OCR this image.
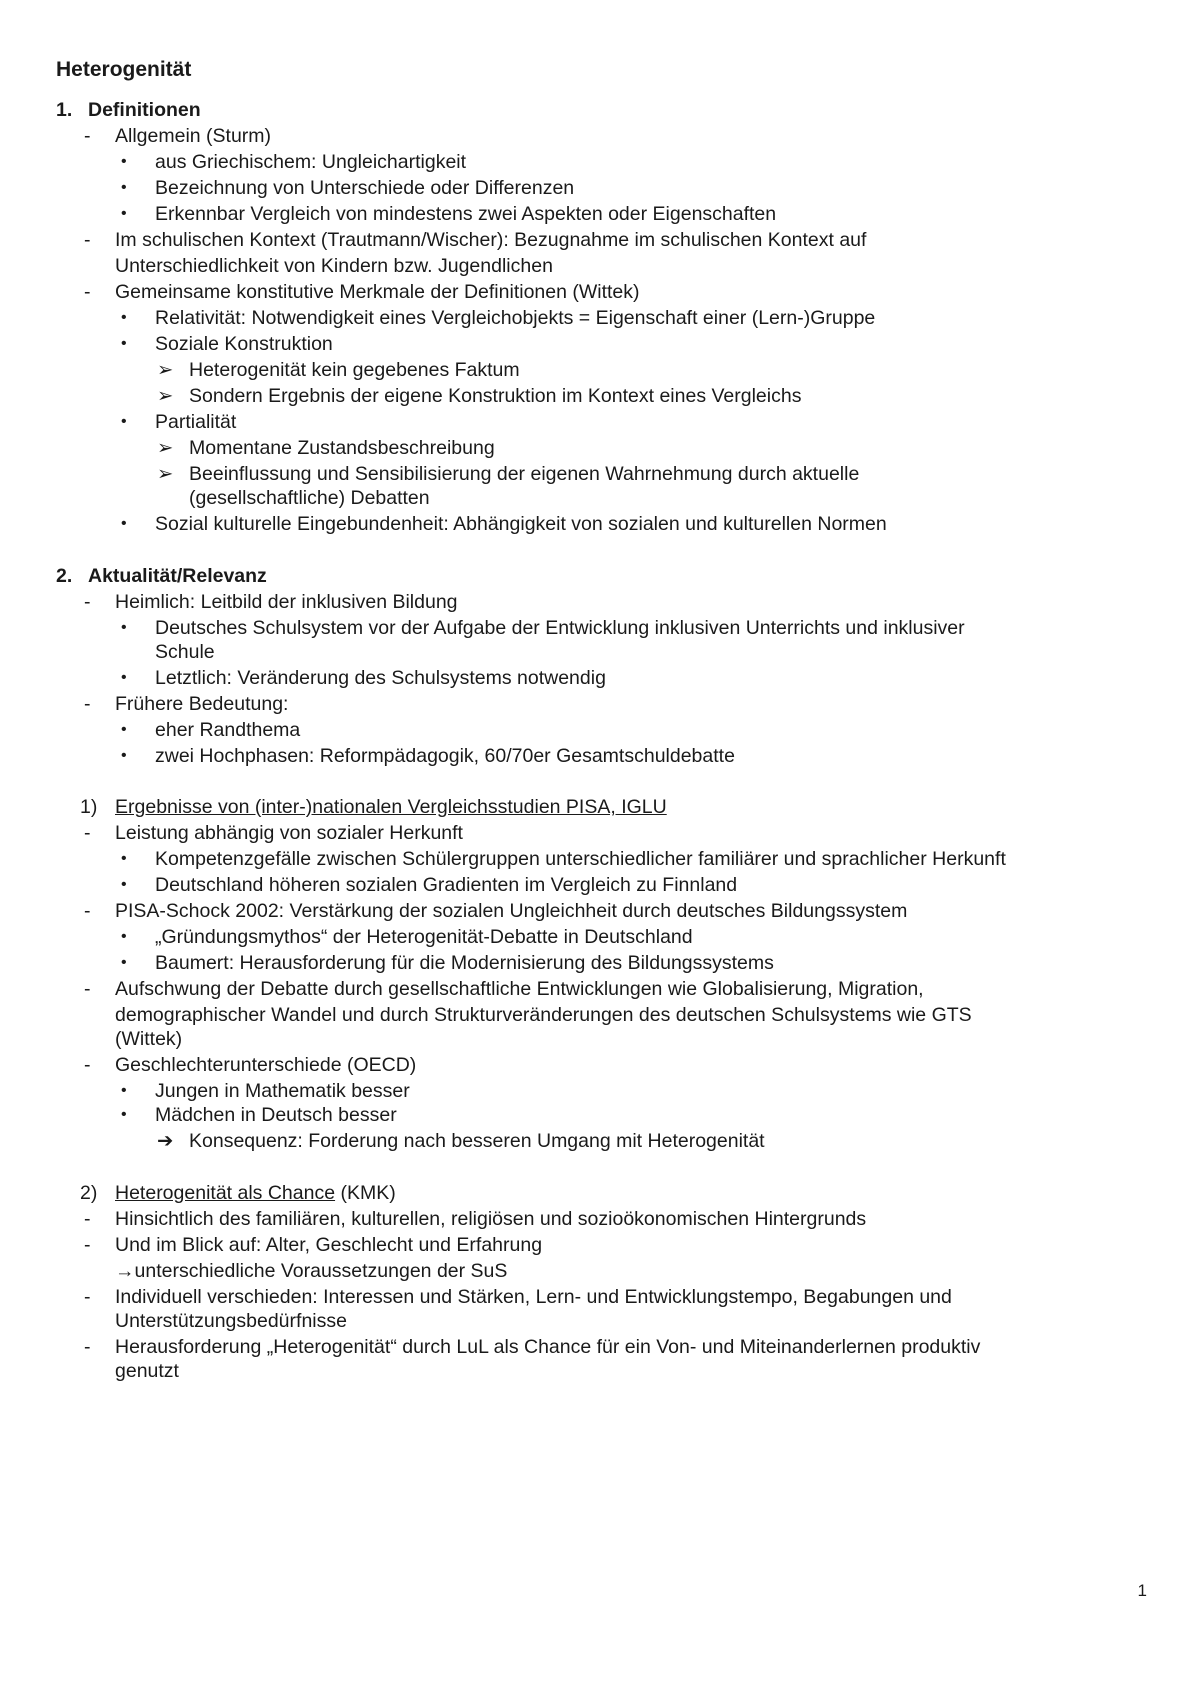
Heterogenität
1. Definitionen
- Allgemein (Sturm)
• aus Griechischem: Ungleichartigkeit
• Bezeichnung von Unterschiede oder Differenzen
• Erkennbar Vergleich von mindestens zwei Aspekten oder Eigenschaften
- Im schulischen Kontext (Trautmann/Wischer): Bezugnahme im schulischen Kontext auf
Unterschiedlichkeit von Kindern bzw. Jugendlichen
- Gemeinsame konstitutive Merkmale der Definitionen (Wittek)
• Relativität: Notwendigkeit eines Vergleichobjekts = Eigenschaft einer (Lern-)Gruppe
• Soziale Konstruktion
➢ Heterogenität kein gegebenes Faktum
➢ Sondern Ergebnis der eigene Konstruktion im Kontext eines Vergleichs
• Partialität
➢ Momentane Zustandsbeschreibung
➢ Beeinflussung und Sensibilisierung der eigenen Wahrnehmung durch aktuelle
(gesellschaftliche) Debatten
• Sozial kulturelle Eingebundenheit: Abhängigkeit von sozialen und kulturellen Normen
2. Aktualität/Relevanz
- Heimlich: Leitbild der inklusiven Bildung
• Deutsches Schulsystem vor der Aufgabe der Entwicklung inklusiven Unterrichts und inklusiver
Schule
• Letztlich: Veränderung des Schulsystems notwendig
- Frühere Bedeutung:
• eher Randthema
• zwei Hochphasen: Reformpädagogik, 60/70er Gesamtschuldebatte
1) Ergebnisse von (inter-)nationalen Vergleichsstudien PISA, IGLU
- Leistung abhängig von sozialer Herkunft
• Kompetenzgefälle zwischen Schülergruppen unterschiedlicher familiärer und sprachlicher Herkunft
• Deutschland höheren sozialen Gradienten im Vergleich zu Finnland
- PISA-Schock 2002: Verstärkung der sozialen Ungleichheit durch deutsches Bildungssystem
• „Gründungsmythos“ der Heterogenität-Debatte in Deutschland
• Baumert: Herausforderung für die Modernisierung des Bildungssystems
- Aufschwung der Debatte durch gesellschaftliche Entwicklungen wie Globalisierung, Migration,
demographischer Wandel und durch Strukturveränderungen des deutschen Schulsystems wie GTS
(Wittek)
- Geschlechterunterschiede (OECD)
• Jungen in Mathematik besser
• Mädchen in Deutsch besser
➔ Konsequenz: Forderung nach besseren Umgang mit Heterogenität
2) Heterogenität als Chance (KMK)
- Hinsichtlich des familiären, kulturellen, religiösen und sozioökonomischen Hintergrunds
- Und im Blick auf: Alter, Geschlecht und Erfahrung
→unterschiedliche Voraussetzungen der SuS
- Individuell verschieden: Interessen und Stärken, Lern- und Entwicklungstempo, Begabungen und
Unterstützungsbedürfnisse
- Herausforderung „Heterogenität“ durch LuL als Chance für ein Von- und Miteinanderlernen produktiv
genutzt
1
